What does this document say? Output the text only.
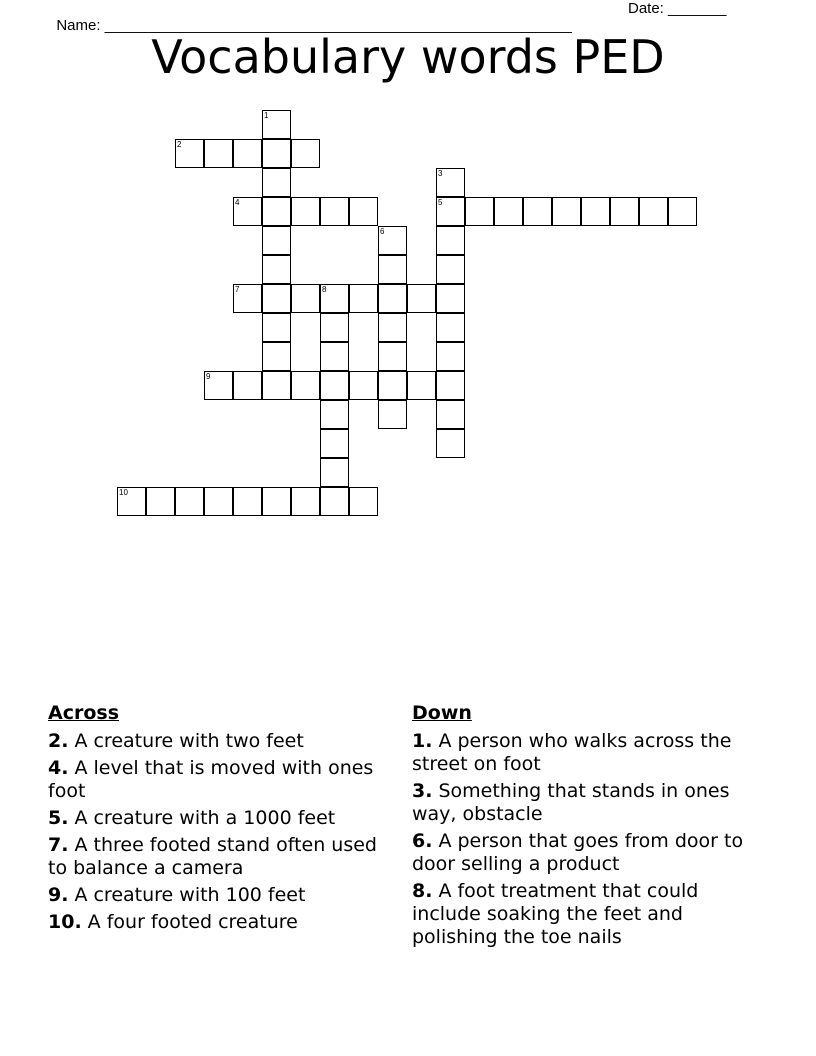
Name: ________________________________________________________

Date: _______

Vocabulary words PED
1
2
3
5
4
6
7	8
9
10
Across
2. A creature with two feet
4. A level that is moved with ones foot
5. A creature with a 1000 feet
7. A three footed stand often used to balance a camera
9. A creature with 100 feet
10. A four footed creature
Down
1. A person who walks across the street on foot
3. Something that stands in ones way, obstacle
6. A person that goes from door to door selling a product
8. A foot treatment that could include soaking the feet and polishing the toe nails
